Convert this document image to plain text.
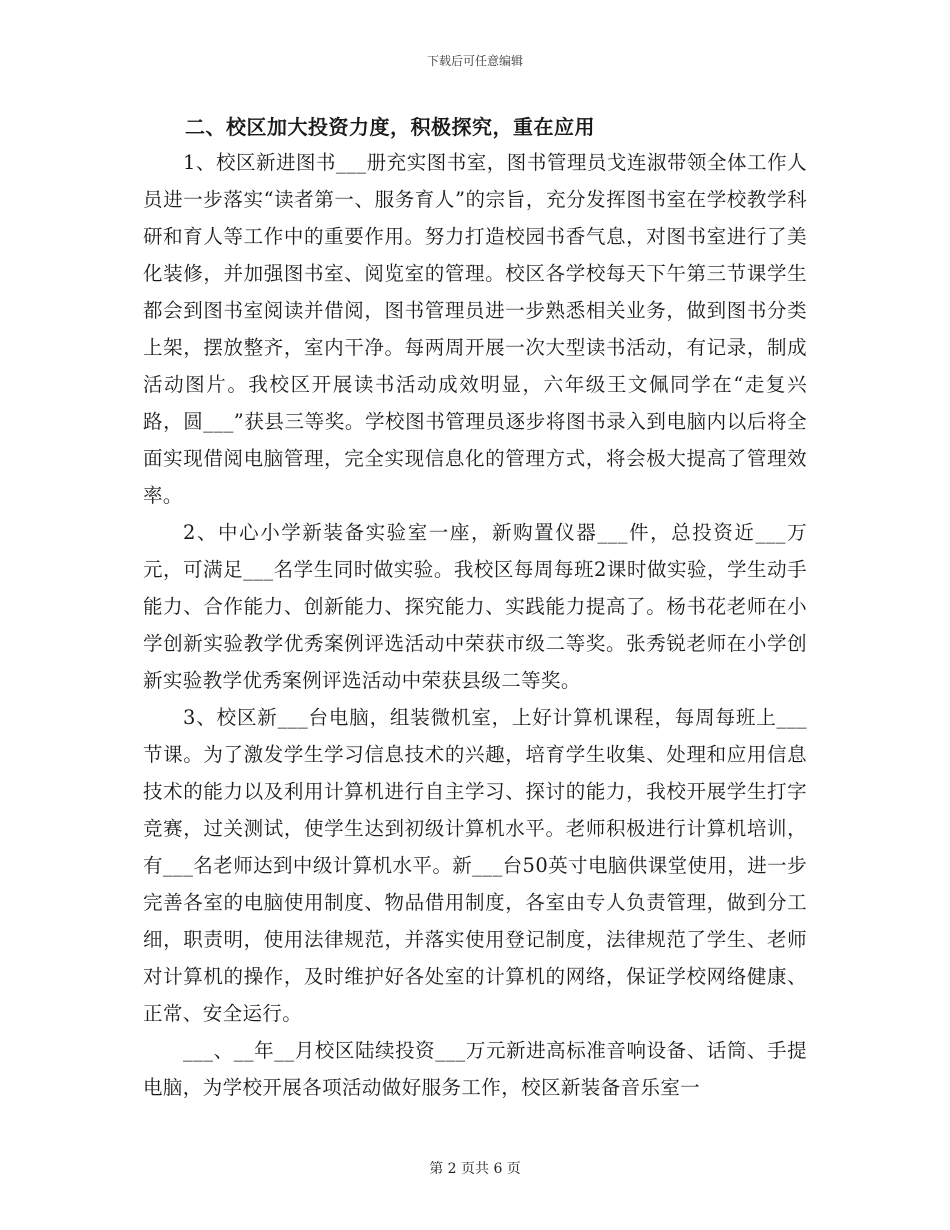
下载后可任意编辑
二、校区加大投资力度，积极探究，重在应用

1、校区新进图书___册充实图书室，图书管理员戈连淑带领全体工作人员进一步落实“读者第一、服务育人”的宗旨，充分发挥图书室在学校教学科研和育人等工作中的重要作用。努力打造校园书香气息，对图书室进行了美化装修，并加强图书室、阅览室的管理。校区各学校每天下午第三节课学生都会到图书室阅读并借阅，图书管理员进一步熟悉相关业务，做到图书分类上架，摆放整齐，室内干净。每两周开展一次大型读书活动，有记录，制成活动图片。我校区开展读书活动成效明显，六年级王文佩同学在“走复兴路，圆___”获县三等奖。学校图书管理员逐步将图书录入到电脑内以后将全面实现借阅电脑管理，完全实现信息化的管理方式，将会极大提高了管理效率。

2、中心小学新装备实验室一座，新购置仪器___件，总投资近___万元，可满足___名学生同时做实验。我校区每周每班2课时做实验，学生动手能力、合作能力、创新能力、探究能力、实践能力提高了。杨书花老师在小学创新实验教学优秀案例评选活动中荣获市级二等奖。张秀锐老师在小学创新实验教学优秀案例评选活动中荣获县级二等奖。

3、校区新___台电脑，组装微机室，上好计算机课程，每周每班上___节课。为了激发学生学习信息技术的兴趣，培育学生收集、处理和应用信息技术的能力以及利用计算机进行自主学习、探讨的能力，我校开展学生打字竞赛，过关测试，使学生达到初级计算机水平。老师积极进行计算机培训，有___名老师达到中级计算机水平。新___台50英寸电脑供课堂使用，进一步完善各室的电脑使用制度、物品借用制度，各室由专人负责管理，做到分工细，职责明，使用法律规范，并落实使用登记制度，法律规范了学生、老师对计算机的操作，及时维护好各处室的计算机的网络，保证学校网络健康、正常、安全运行。

___、__年__月校区陆续投资___万元新进高标准音响设备、话筒、手提电脑，为学校开展各项活动做好服务工作，校区新装备音乐室一

第 2 页共 6 页
